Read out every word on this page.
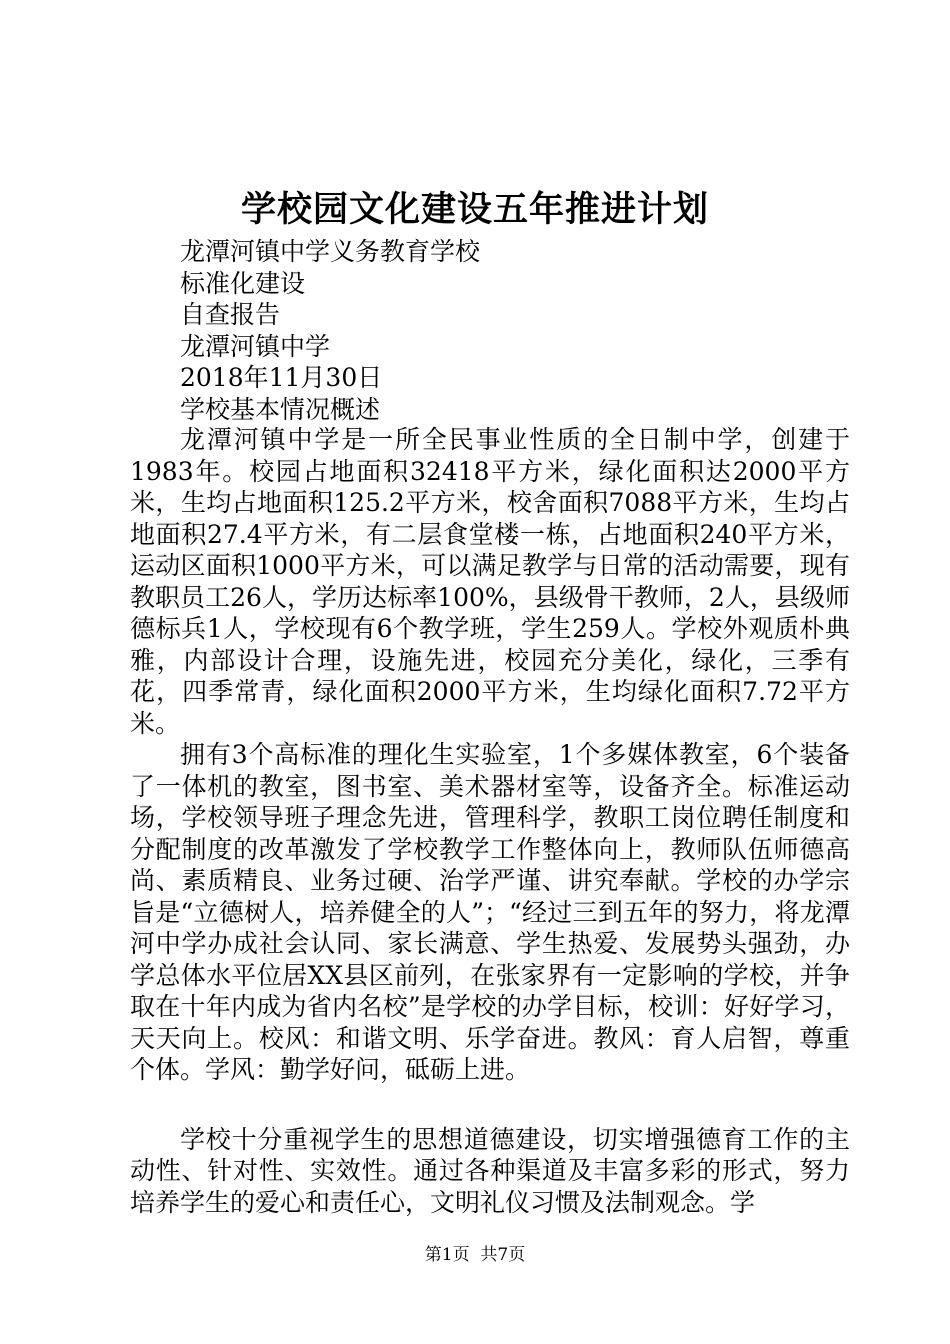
学校园文化建设五年推进计划
龙潭河镇中学义务教育学校
标准化建设
自查报告
龙潭河镇中学
2018年11月30日
学校基本情况概述

龙潭河镇中学是一所全民事业性质的全日制中学，创建于1983年。校园占地面积32418平方米，绿化面积达2000平方米，生均占地面积125.2平方米，校舍面积7088平方米，生均占地面积27.4平方米，有二层食堂楼一栋，占地面积240平方米，运动区面积1000平方米，可以满足教学与日常的活动需要，现有教职员工26人，学历达标率100%，县级骨干教师，2人，县级师德标兵1人，学校现有6个教学班，学生259人。学校外观质朴典雅，内部设计合理，设施先进，校园充分美化，绿化，三季有花，四季常青，绿化面积2000平方米，生均绿化面积7.72平方米。

拥有3个高标准的理化生实验室，1个多媒体教室，6个装备了一体机的教室，图书室、美术器材室等，设备齐全。标准运动场，学校领导班子理念先进，管理科学，教职工岗位聘任制度和分配制度的改革激发了学校教学工作整体向上，教师队伍师德高尚、素质精良、业务过硬、治学严谨、讲究奉献。学校的办学宗旨是“立德树人，培养健全的人”；“经过三到五年的努力，将龙潭河中学办成社会认同、家长满意、学生热爱、发展势头强劲，办学总体水平位居XX县区前列，在张家界有一定影响的学校，并争取在十年内成为省内名校”是学校的办学目标，校训：好好学习，天天向上。校风：和谐文明、乐学奋进。教风：育人启智，尊重个体。学风：勤学好问，砥砺上进。

学校十分重视学生的思想道德建设，切实增强德育工作的主动性、针对性、实效性。通过各种渠道及丰富多彩的形式，努力培养学生的爱心和责任心，文明礼仪习惯及法制观念。学

第1页  共7页
